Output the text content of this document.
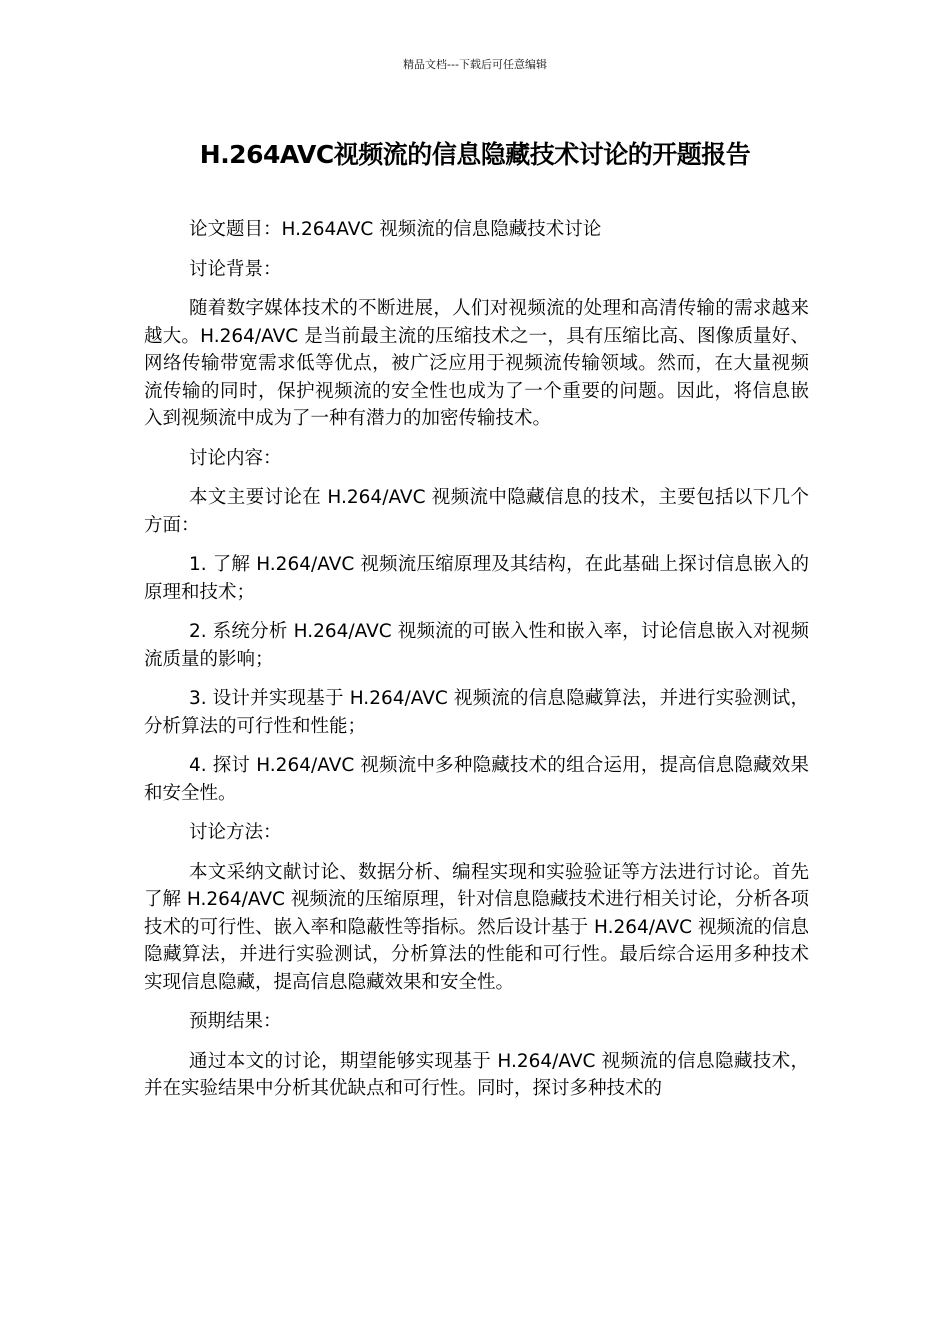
精品文档---下载后可任意编辑
H.264AVC视频流的信息隐藏技术讨论的开题报告

论文题目：H.264AVC 视频流的信息隐藏技术讨论

讨论背景：

随着数字媒体技术的不断进展，人们对视频流的处理和高清传输的需求越来越大。H.264/AVC 是当前最主流的压缩技术之一，具有压缩比高、图像质量好、网络传输带宽需求低等优点，被广泛应用于视频流传输领域。然而，在大量视频流传输的同时，保护视频流的安全性也成为了一个重要的问题。因此，将信息嵌入到视频流中成为了一种有潜力的加密传输技术。

讨论内容：

本文主要讨论在 H.264/AVC 视频流中隐藏信息的技术，主要包括以下几个方面：

1. 了解 H.264/AVC 视频流压缩原理及其结构，在此基础上探讨信息嵌入的原理和技术；

2. 系统分析 H.264/AVC 视频流的可嵌入性和嵌入率，讨论信息嵌入对视频流质量的影响；

3. 设计并实现基于 H.264/AVC 视频流的信息隐藏算法，并进行实验测试，分析算法的可行性和性能；

4. 探讨 H.264/AVC 视频流中多种隐藏技术的组合运用，提高信息隐藏效果和安全性。

讨论方法：

本文采纳文献讨论、数据分析、编程实现和实验验证等方法进行讨论。首先了解 H.264/AVC 视频流的压缩原理，针对信息隐藏技术进行相关讨论，分析各项技术的可行性、嵌入率和隐蔽性等指标。然后设计基于 H.264/AVC 视频流的信息隐藏算法，并进行实验测试，分析算法的性能和可行性。最后综合运用多种技术实现信息隐藏，提高信息隐藏效果和安全性。

预期结果：

通过本文的讨论，期望能够实现基于 H.264/AVC 视频流的信息隐藏技术，并在实验结果中分析其优缺点和可行性。同时，探讨多种技术的
